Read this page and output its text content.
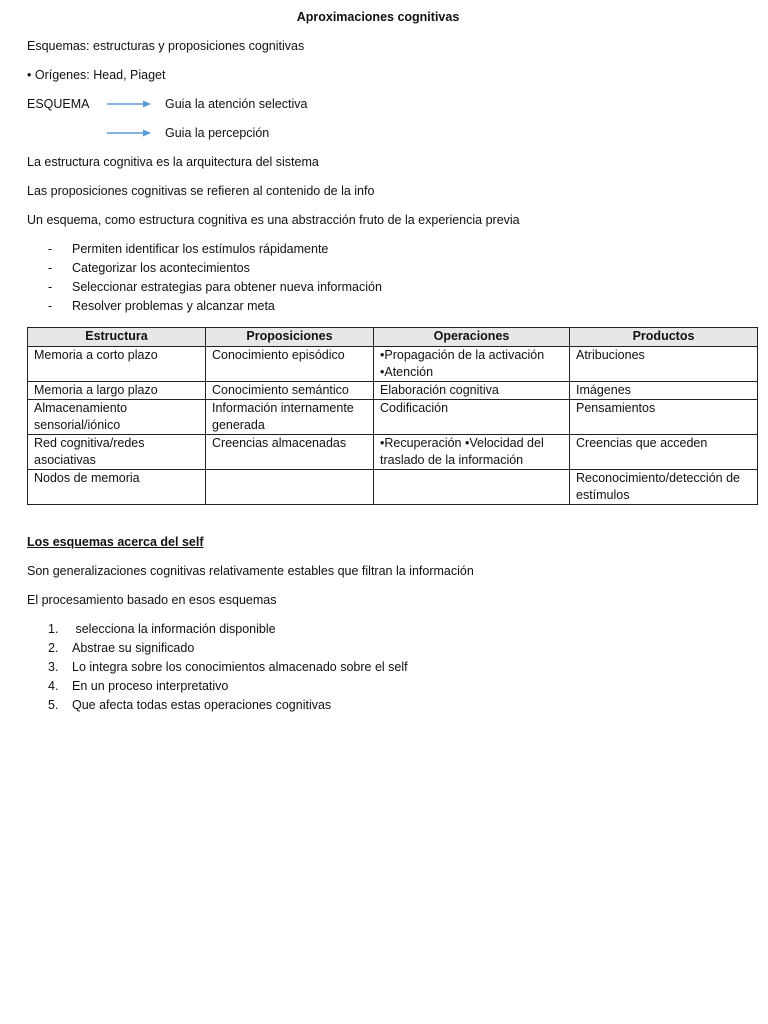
Aproximaciones cognitivas
Esquemas: estructuras y proposiciones cognitivas
• Orígenes: Head, Piaget
ESQUEMA	Guia la atención selectiva
Guia la percepción
La estructura cognitiva es la arquitectura del sistema
Las proposiciones cognitivas se refieren al contenido de la info
Un esquema, como estructura cognitiva es una abstracción fruto de la experiencia previa
- Permiten identificar los estímulos rápidamente
- Categorizar los acontecimientos
- Seleccionar estrategias para obtener nueva información
- Resolver problemas y alcanzar meta
Estructura	Proposiciones	Operaciones	Productos
Memoria a corto plazo	Conocimiento episódico	•Propagación de la activación •Atención	Atribuciones
Memoria a largo plazo	Conocimiento semántico	Elaboración cognitiva	Imágenes
Almacenamiento sensorial/iónico	Información internamente generada	Codificación	Pensamientos
Red cognitiva/redes asociativas	Creencias almacenadas	•Recuperación •Velocidad del traslado de la información	Creencias que acceden
Nodos de memoria			Reconocimiento/detección de estímulos
Los esquemas acerca del self
Son generalizaciones cognitivas relativamente estables que filtran la información
El procesamiento basado en esos esquemas
1. selecciona la información disponible
2. Abstrae su significado
3. Lo integra sobre los conocimientos almacenado sobre el self
4. En un proceso interpretativo
5. Que afecta todas estas operaciones cognitivas
